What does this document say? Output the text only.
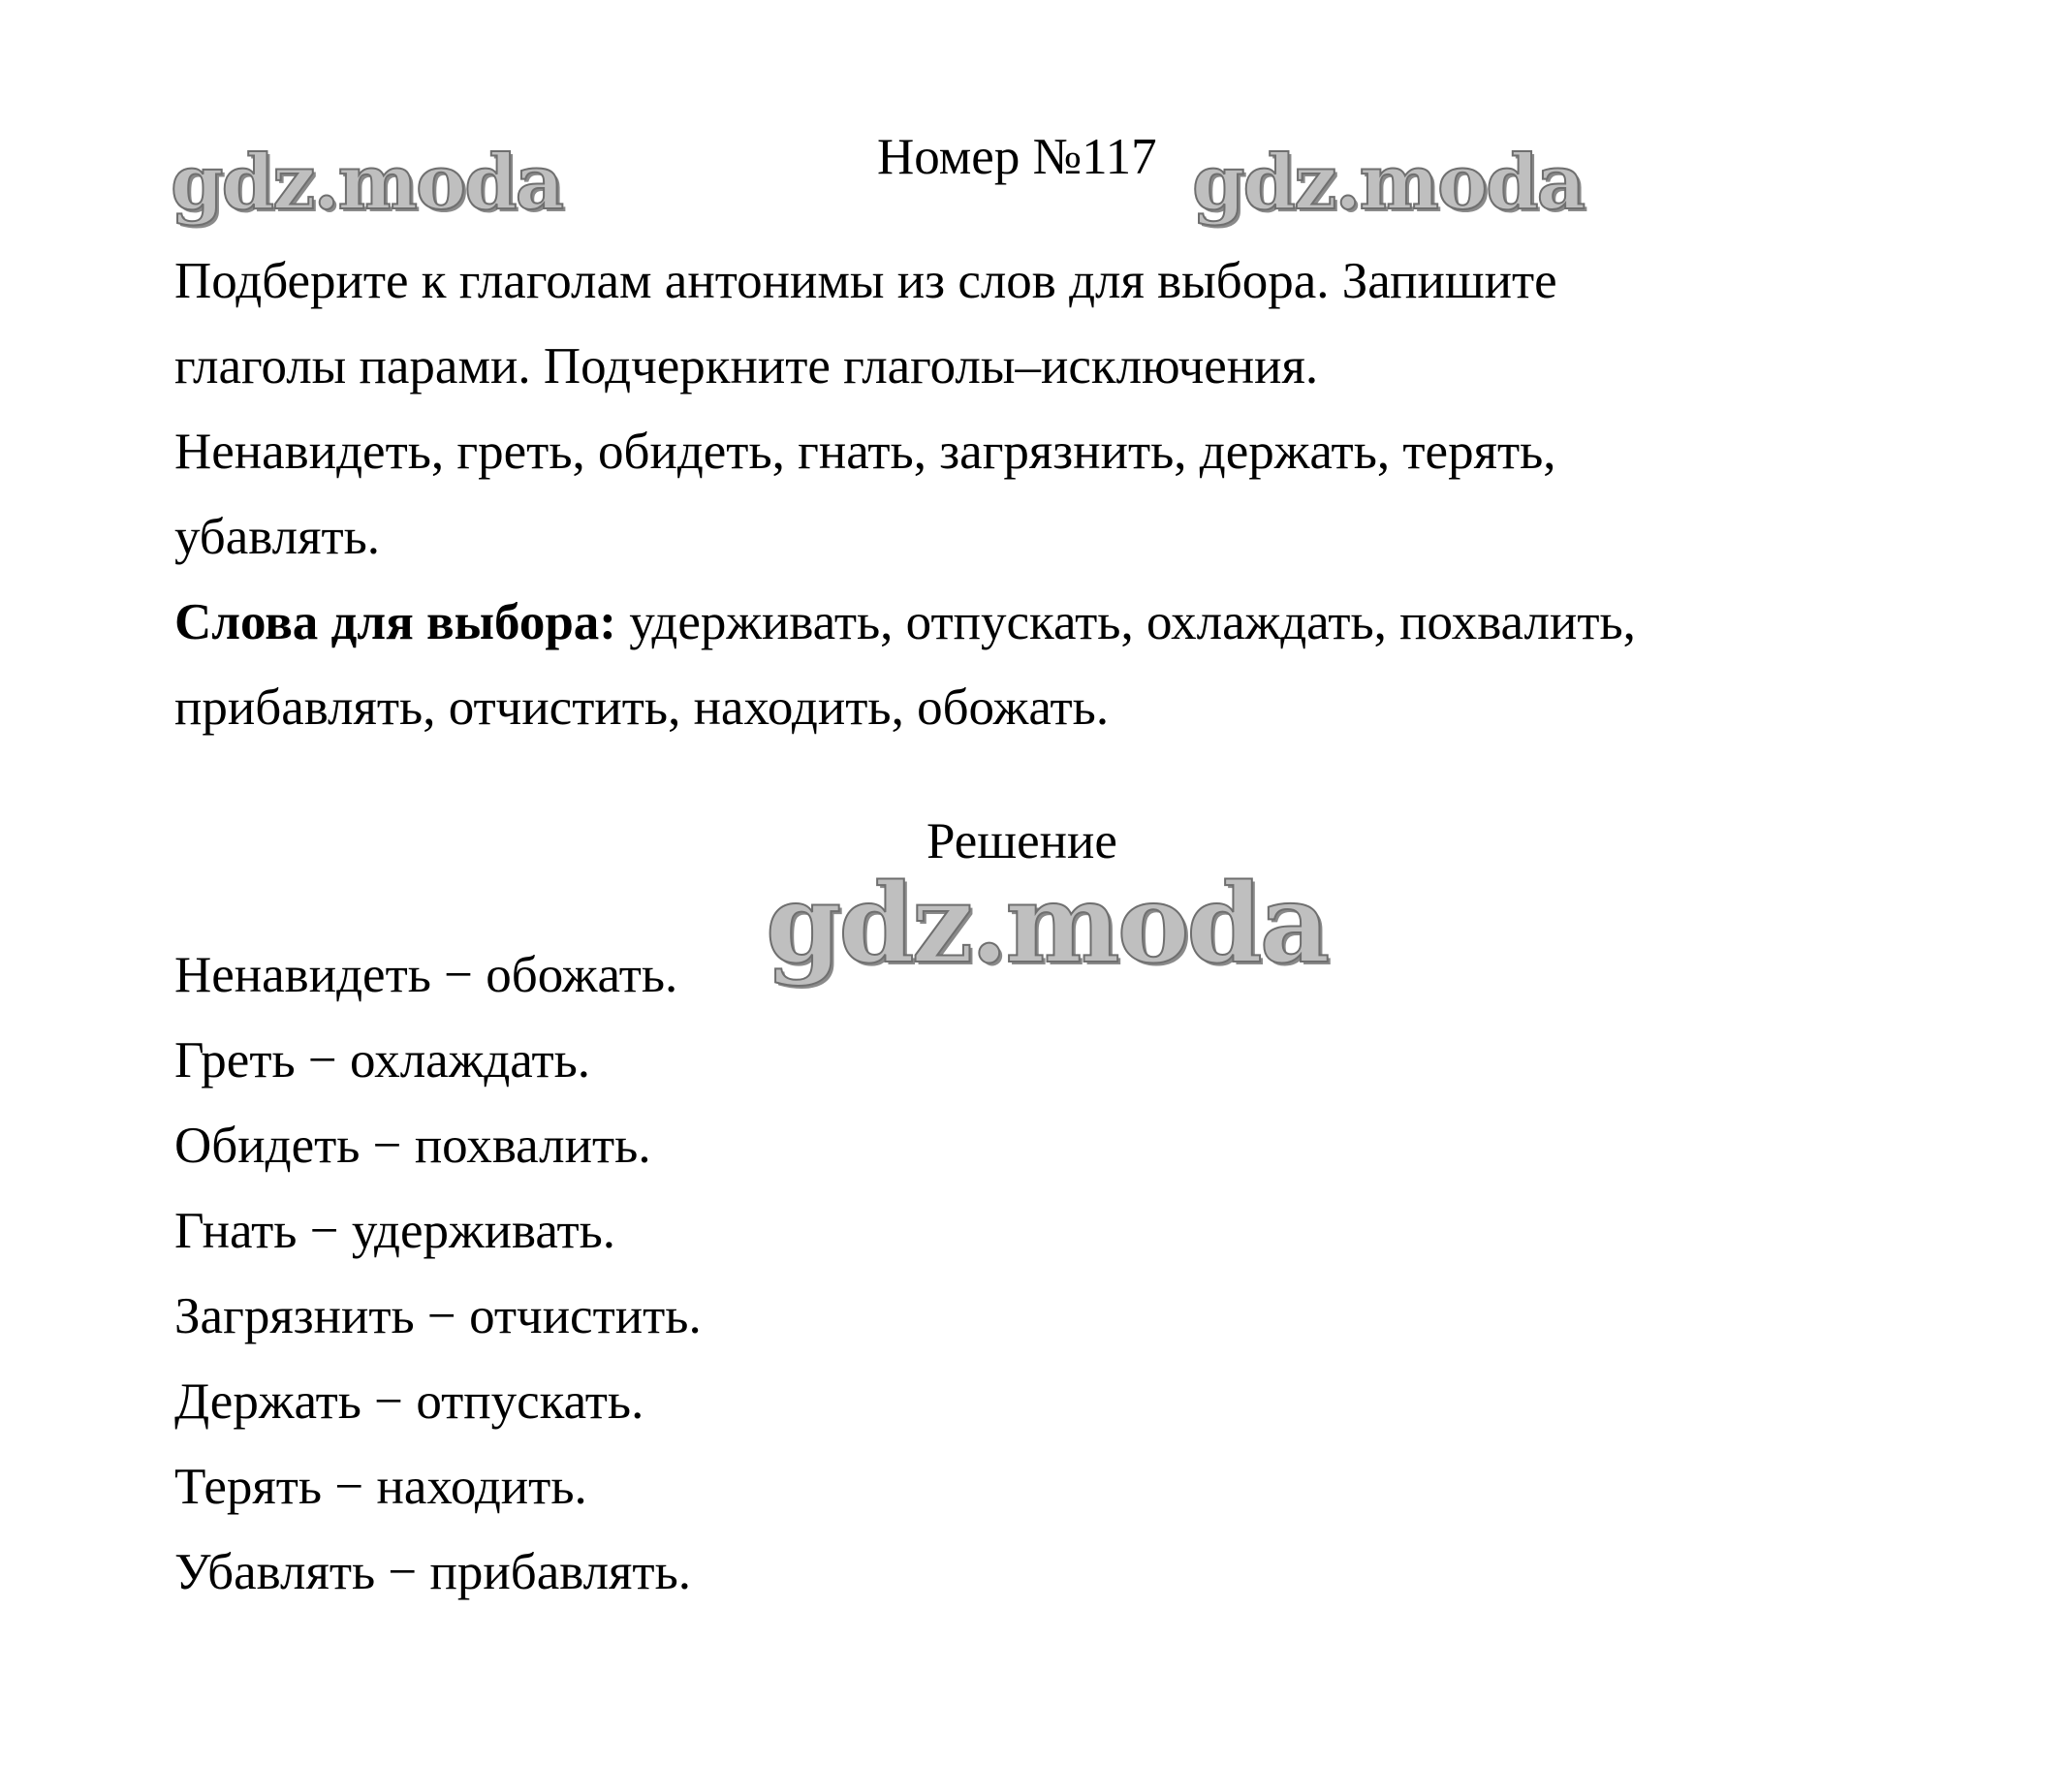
gdz.moda	gdz.moda
Номер №117
Подберите к глаголам антонимы из слов для выбора. Запишите
глаголы парами. Подчеркните глаголы–исключения.
Ненавидеть, греть, обидеть, гнать, загрязнить, держать, терять,
убавлять.
Слова для выбора: удерживать, отпускать, охлаждать, похвалить,
прибавлять, отчистить, находить, обожать.
Решение
gdz.moda
Ненавидеть − обожать.
Греть − охлаждать.
Обидеть − похвалить.
Гнать − удерживать.
Загрязнить − отчистить.
Держать − отпускать.
Терять − находить.
Убавлять − прибавлять.
